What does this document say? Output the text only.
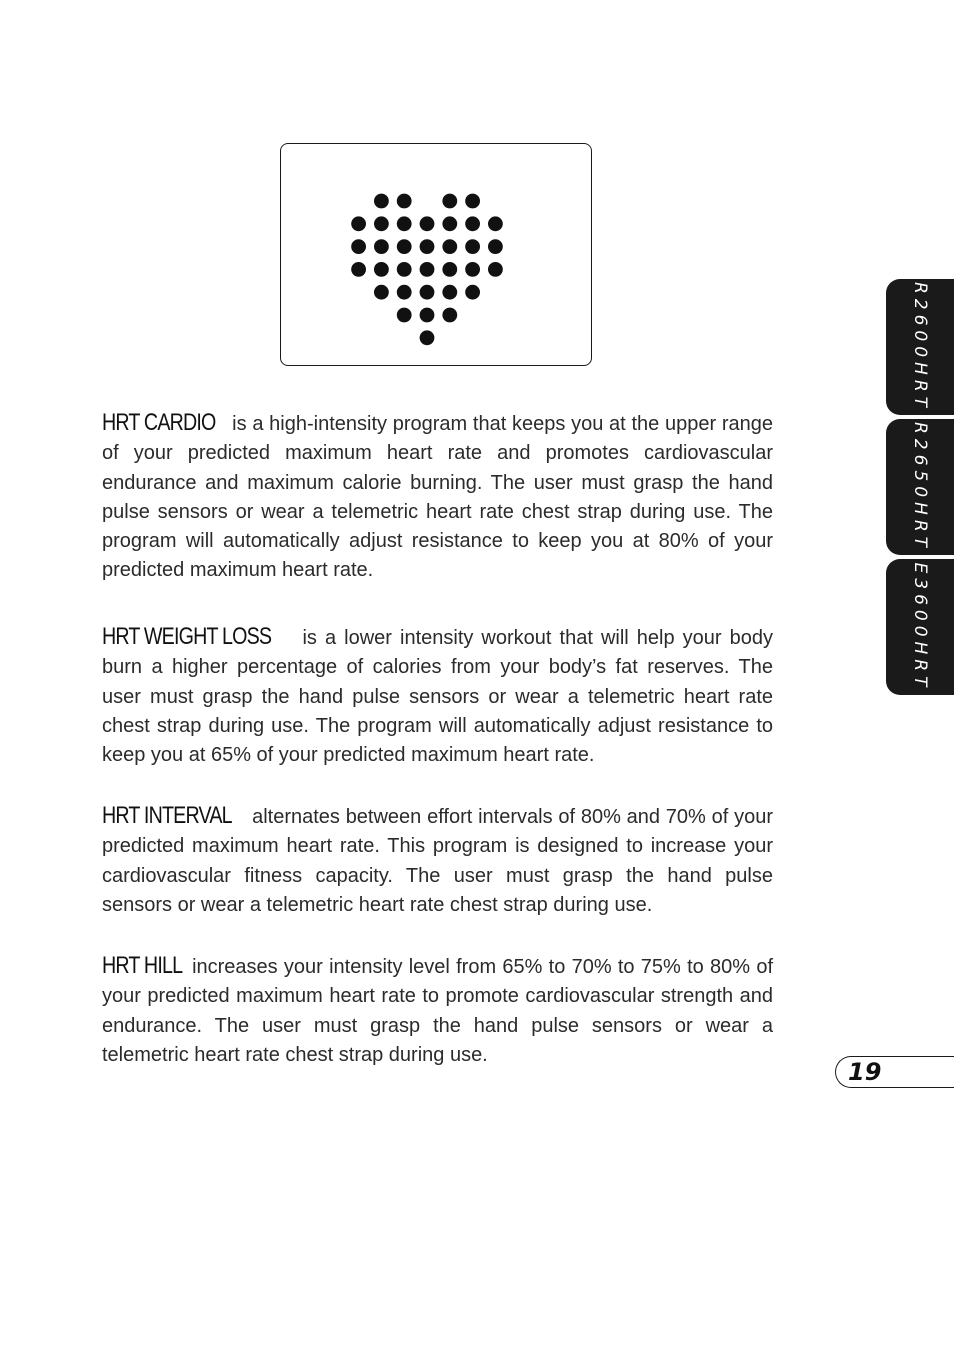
HRT CARDIO is a high-intensity program that keeps you at the upper range of your predicted maximum heart rate and promotes cardiovascular endurance and maximum calorie burning. The user must grasp the hand pulse sensors or wear a telemetric heart rate chest strap during use. The program will automatically adjust resistance to keep you at 80% of your predicted maximum heart rate.
HRT WEIGHT LOSS is a lower intensity workout that will help your body burn a higher percentage of calories from your body’s fat reserves. The user must grasp the hand pulse sensors or wear a telemetric heart rate chest strap during use. The program will automatically adjust resistance to keep you at 65% of your predicted maximum heart rate.
HRT INTERVAL alternates between effort intervals of 80% and 70% of your predicted maximum heart rate. This program is designed to increase your cardiovascular fitness capacity. The user must grasp the hand pulse sensors or wear a telemetric heart rate chest strap during use.
HRT HILL increases your intensity level from 65% to 70% to 75% to 80% of your predicted maximum heart rate to promote cardiovascular strength and endurance. The user must grasp the hand pulse sensors or wear a telemetric heart rate chest strap during use.
R2600HRT
R2650HRT
E3600HRT
19
